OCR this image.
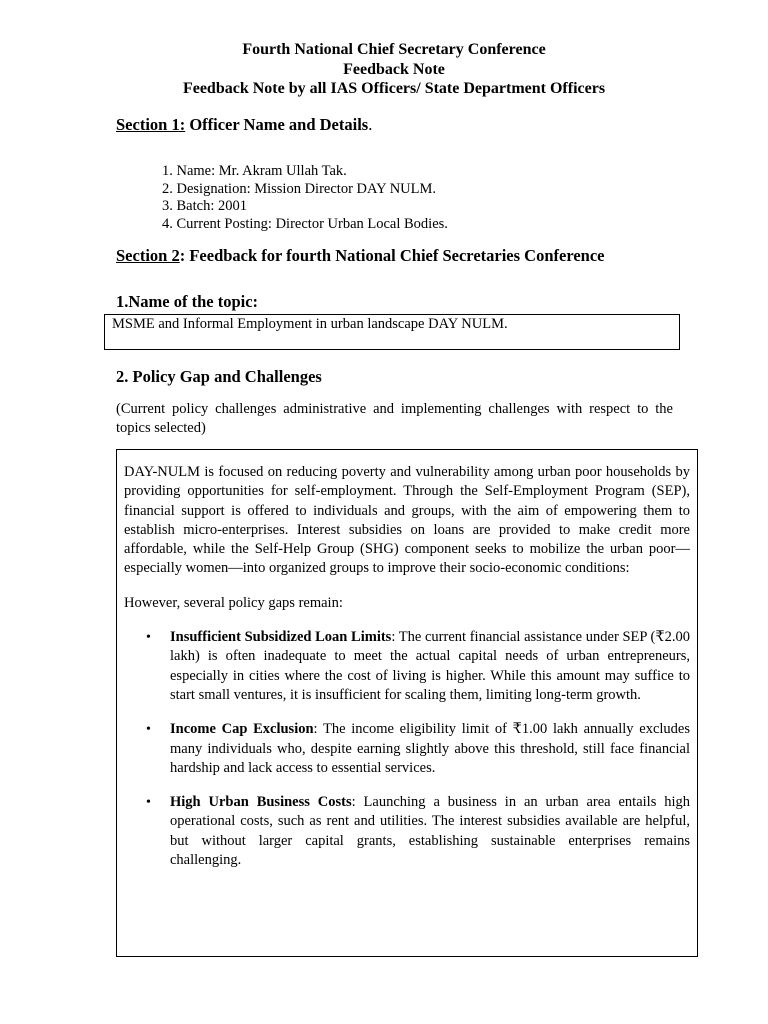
Fourth National Chief Secretary Conference
Feedback Note
Feedback Note by all IAS Officers/ State Department Officers
Section 1: Officer Name and Details.
1. Name: Mr. Akram Ullah Tak.
2. Designation: Mission Director DAY NULM.
3. Batch: 2001
4. Current Posting: Director Urban Local Bodies.
Section 2: Feedback for fourth National Chief Secretaries Conference
1.Name of the topic:
MSME and Informal Employment in urban landscape DAY NULM.
2. Policy Gap and Challenges

(Current policy challenges administrative and implementing challenges with respect to the topics selected)

DAY-NULM is focused on reducing poverty and vulnerability among urban poor households by providing opportunities for self-employment. Through the Self-Employment Program (SEP), financial support is offered to individuals and groups, with the aim of empowering them to establish micro-enterprises. Interest subsidies on loans are provided to make credit more affordable, while the Self-Help Group (SHG) component seeks to mobilize the urban poor—especially women—into organized groups to improve their socio-economic conditions:

However, several policy gaps remain:

• Insufficient Subsidized Loan Limits: The current financial assistance under SEP (₹2.00 lakh) is often inadequate to meet the actual capital needs of urban entrepreneurs, especially in cities where the cost of living is higher. While this amount may suffice to start small ventures, it is insufficient for scaling them, limiting long-term growth.
• Income Cap Exclusion: The income eligibility limit of ₹1.00 lakh annually excludes many individuals who, despite earning slightly above this threshold, still face financial hardship and lack access to essential services.
• High Urban Business Costs: Launching a business in an urban area entails high operational costs, such as rent and utilities. The interest subsidies available are helpful, but without larger capital grants, establishing sustainable enterprises remains challenging.
